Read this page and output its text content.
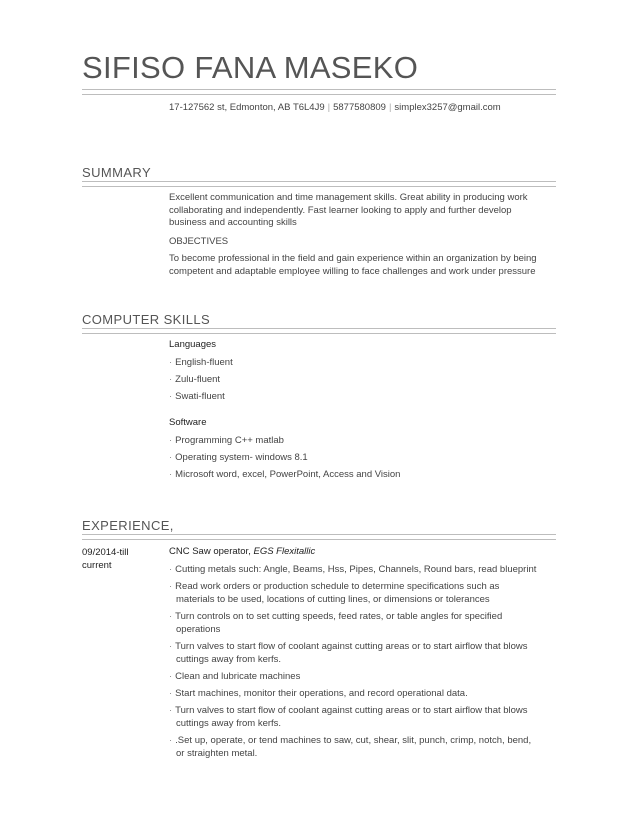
SIFISO FANA MASEKO
17-127562 st, Edmonton, AB T6L4J9 | 5877580809 | simplex3257@gmail.com
SUMMARY
Excellent communication and time management skills. Great ability in producing work collaborating and independently. Fast learner looking to apply and further develop business and accounting skills
OBJECTIVES
To become professional in the field and gain experience within an organization by being competent and adaptable employee willing to face challenges and work under pressure
COMPUTER SKILLS
Languages
· English-fluent
· Zulu-fluent
· Swati-fluent
Software
· Programming C++ matlab
· Operating system- windows 8.1
· Microsoft word, excel, PowerPoint, Access and Vision
EXPERIENCE,
09/2014-till
current
CNC Saw operator, EGS Flexitallic
· Cutting metals such: Angle, Beams, Hss, Pipes, Channels, Round bars, read blueprint
· Read work orders or production schedule to determine specifications such as materials to be used, locations of cutting lines, or dimensions or tolerances
· Turn controls on to set cutting speeds, feed rates, or table angles for specified operations
· Turn valves to start flow of coolant against cutting areas or to start airflow that blows cuttings away from kerfs.
· Clean and lubricate machines
· Start machines, monitor their operations, and record operational data.
· Turn valves to start flow of coolant against cutting areas or to start airflow that blows cuttings away from kerfs.
· .Set up, operate, or tend machines to saw, cut, shear, slit, punch, crimp, notch, bend, or straighten metal.
